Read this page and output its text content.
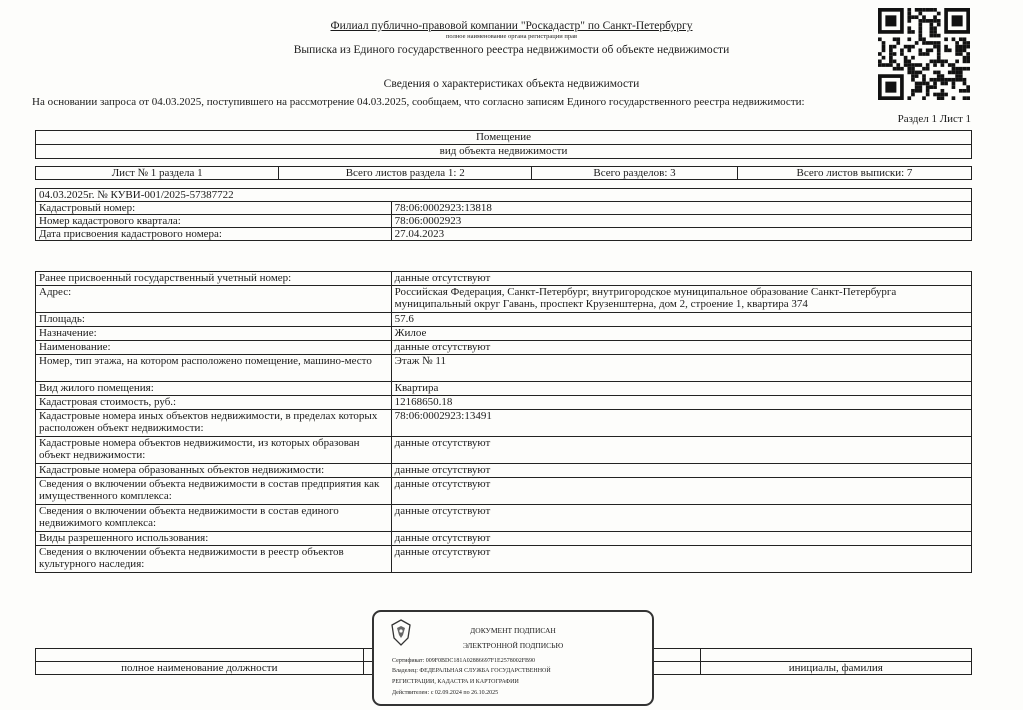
Филиал публично-правовой компании "Роскадастр" по Санкт-Петербургу
полное наименование органа регистрации прав
Выписка из Единого государственного реестра недвижимости об объекте недвижимости
Сведения о характеристиках объекта недвижимости
На основании запроса от 04.03.2025, поступившего на рассмотрение 04.03.2025, сообщаем, что согласно записям Единого государственного реестра недвижимости:
Раздел 1 Лист 1
Помещение
вид объекта недвижимости
Лист № 1 раздела 1	Всего листов раздела 1: 2	Всего разделов: 3	Всего листов выписки: 7
04.03.2025г. № КУВИ-001/2025-57387722	
Кадастровый номер:	78:06:0002923:13818
Номер кадастрового квартала:	78:06:0002923
Дата присвоения кадастрового номера:	27.04.2023
Ранее присвоенный государственный учетный номер:	данные отсутствуют
Адрес:	Российская Федерация, Санкт-Петербург, внутригородское муниципальное образование Санкт-Петербурга муниципальный округ Гавань, проспект Крузенштерна, дом 2, строение 1, квартира 374
Площадь:	57.6
Назначение:	Жилое
Наименование:	данные отсутствуют
Номер, тип этажа, на котором расположено помещение, машино-место	Этаж № 11
Вид жилого помещения:	Квартира
Кадастровая стоимость, руб.:	12168650.18
Кадастровые номера иных объектов недвижимости, в пределах которых расположен объект недвижимости:	78:06:0002923:13491
Кадастровые номера объектов недвижимости, из которых образован объект недвижимости:	данные отсутствуют
Кадастровые номера образованных объектов недвижимости:	данные отсутствуют
Сведения о включении объекта недвижимости в состав предприятия как имущественного комплекса:	данные отсутствуют
Сведения о включении объекта недвижимости в состав единого недвижимого комплекса:	данные отсутствуют
Виды разрешенного использования:	данные отсутствуют
Сведения о включении объекта недвижимости в реестр объектов культурного наследия:	данные отсутствуют

полное наименование должности		инициалы, фамилия
ДОКУМЕНТ ПОДПИСАН
ЭЛЕКТРОННОЙ ПОДПИСЬЮ
Сертификат: 009F0BDC181A02886697F1E2578002FB90
Владелец: ФЕДЕРАЛЬНАЯ СЛУЖБА ГОСУДАРСТВЕННОЙ
РЕГИСТРАЦИИ, КАДАСТРА И КАРТОГРАФИИ
Действителен: с 02.09.2024 по 26.10.2025
